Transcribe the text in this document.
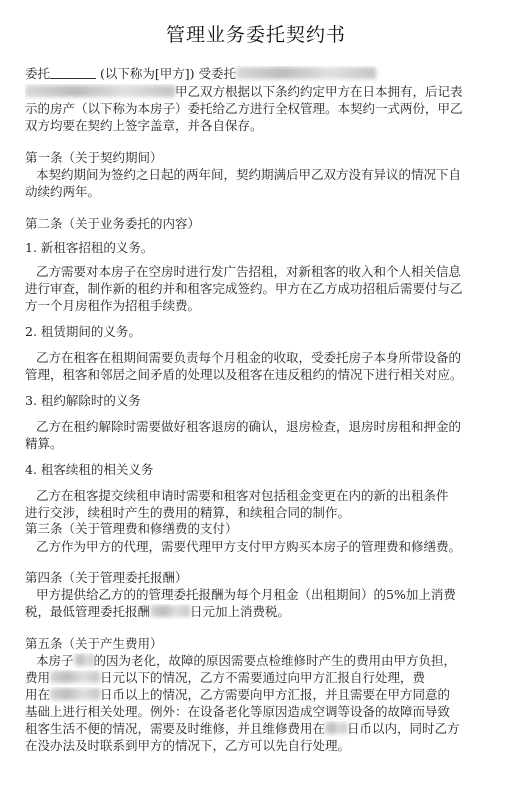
管理业务委托契约书
委托	(以下称为[甲方]) 受委托
甲乙双方根据以下条约约定甲方在日本拥有，后记表
示的房产（以下称为本房子）委托给乙方进行全权管理。本契约一式两份，甲乙
双方均要在契约上签字盖章，并各自保存。
第一条（关于契约期间）
本契约期间为签约之日起的两年间，契约期满后甲乙双方没有异议的情况下自
动续约两年。
第二条（关于业务委托的内容）
1. 新租客招租的义务。
乙方需要对本房子在空房时进行发广告招租，对新租客的收入和个人相关信息
进行审查，制作新的租约并和租客完成签约。甲方在乙方成功招租后需要付与乙
方一个月房租作为招租手续费。
2. 租赁期间的义务。
乙方在租客在租期间需要负责每个月租金的收取，受委托房子本身所带设备的
管理，租客和邻居之间矛盾的处理以及租客在违反租约的情况下进行相关对应。
3. 租约解除时的义务
乙方在租约解除时需要做好租客退房的确认，退房检查，退房时房租和押金的
精算。
4. 租客续租的相关义务
乙方在租客提交续租申请时需要和租客对包括租金变更在内的新的出租条件
进行交涉，续租时产生的费用的精算，和续租合同的制作。
第三条（关于管理费和修缮费的支付）
乙方作为甲方的代理，需要代理甲方支付甲方购买本房子的管理费和修缮费。
第四条（关于管理委托报酬）
甲方提供给乙方的的管理委托报酬为每个月租金（出租期间）的5%加上消费
税，最低管理委托报酬	日元加上消费税。
第五条（关于产生费用）
本房子 的因为老化，故障的原因需要点检维修时产生的费用由甲方负担，
费用	日元以下的情况，乙方不需要通过向甲方汇报自行处理，费
用在	日币以上的情况，乙方需要向甲方汇报，并且需要在甲方同意的
基础上进行相关处理。例外：在设备老化等原因造成空调等设备的故障而导致
租客生活不便的情况，需要及时维修，并且维修费用在 日币以内，同时乙方
在没办法及时联系到甲方的情况下，乙方可以先自行处理。
